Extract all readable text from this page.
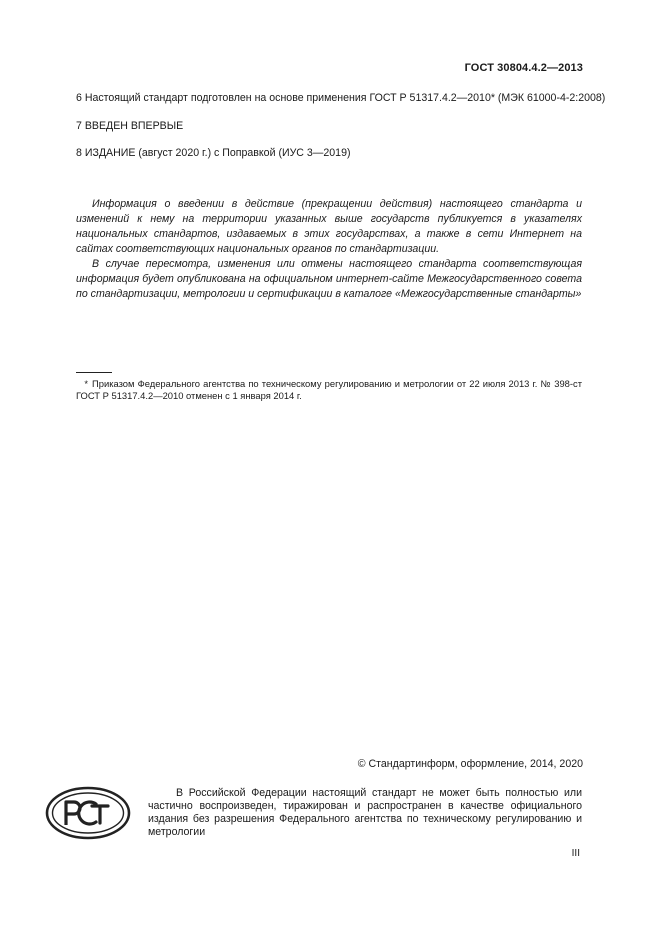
ГОСТ 30804.4.2—2013
6 Настоящий стандарт подготовлен на основе применения ГОСТ Р 51317.4.2—2010* (МЭК 61000-4-2:2008)
7 ВВЕДЕН ВПЕРВЫЕ
8 ИЗДАНИЕ (август 2020 г.) с Поправкой (ИУС 3—2019)

Информация о введении в действие (прекращении действия) настоящего стандарта и изменений к нему на территории указанных выше государств публикуется в указателях национальных стандартов, издаваемых в этих государствах, а также в сети Интернет на сайтах соответствующих национальных органов по стандартизации.

В случае пересмотра, изменения или отмены настоящего стандарта соответствующая информация будет опубликована на официальном интернет-сайте Межгосударственного совета по стандартизации, метрологии и сертификации в каталоге «Межгосударственные стандарты»

* Приказом Федерального агентства по техническому регулированию и метрологии от 22 июля 2013 г. № 398-ст ГОСТ Р 51317.4.2—2010 отменен с 1 января 2014 г.

© Стандартинформ, оформление, 2014, 2020

В Российской Федерации настоящий стандарт не может быть полностью или частично воспроизведен, тиражирован и распространен в качестве официального издания без разрешения Федерального агентства по техническому регулированию и метрологии

III
